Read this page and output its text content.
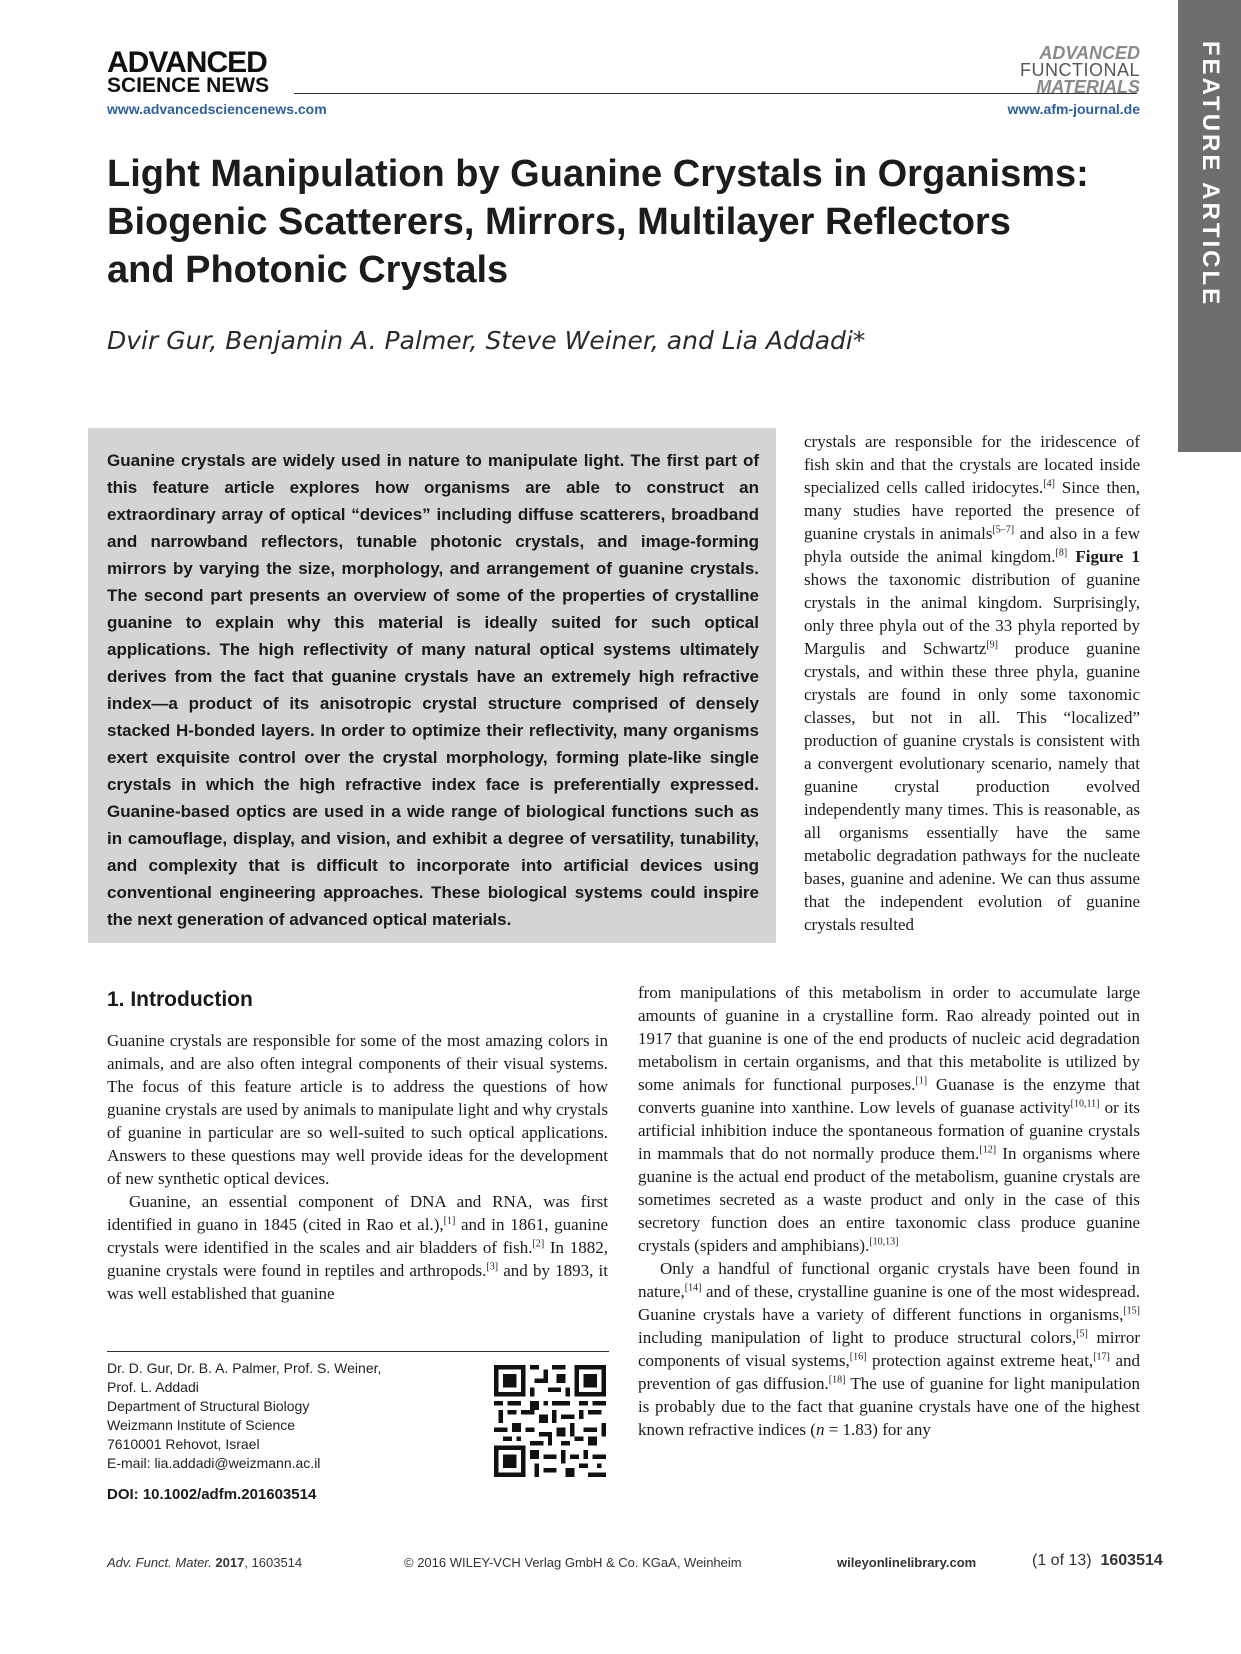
ADVANCED
SCIENCE NEWS
www.advancedsciencenews.com
ADVANCED
FUNCTIONAL
MATERIALS
www.afm-journal.de FEATURE ARTICLE
Light Manipulation by Guanine Crystals in Organisms:
Biogenic Scatterers, Mirrors, Multilayer Reflectors
and Photonic Crystals
Dvir Gur, Benjamin A. Palmer, Steve Weiner, and Lia Addadi*
Guanine crystals are widely used in nature to manipulate light. The first part of this feature article explores how organisms are able to construct an extraordinary array of optical “devices” including diffuse scatterers, broadband and narrowband reflectors, tunable photonic crystals, and image-forming mirrors by varying the size, morphology, and arrangement of guanine crystals. The second part presents an overview of some of the properties of crystalline guanine to explain why this material is ideally suited for such optical applications. The high reflectivity of many natural optical systems ultimately derives from the fact that guanine crystals have an extremely high refractive index—a product of its anisotropic crystal structure comprised of densely stacked H-bonded layers. In order to optimize their reflectivity, many organisms exert exquisite control over the crystal morphology, forming plate-like single crystals in which the high refractive index face is preferentially expressed. Guanine-based optics are used in a wide range of biological functions such as in camouflage, display, and vision, and exhibit a degree of versatility, tunability, and complexity that is difficult to incorporate into artificial devices using conventional engineering approaches. These biological systems could inspire the next generation of advanced optical materials.
crystals are responsible for the iridescence of fish skin and that the crystals are located inside specialized cells called iridocytes.[4] Since then, many studies have reported the presence of guanine crystals in animals[5–7] and also in a few phyla outside the animal kingdom.[8] Figure 1 shows the taxonomic distribution of guanine crystals in the animal kingdom. Surprisingly, only three phyla out of the 33 phyla reported by Margulis and Schwartz[9] produce guanine crystals, and within these three phyla, guanine crystals are found in only some taxonomic classes, but not in all. This “localized” production of guanine crystals is consistent with a convergent evolutionary scenario, namely that guanine crystal production evolved independently many times. This is reasonable, as all organisms essentially have the same metabolic degradation pathways for the nucleate bases, guanine and adenine. We can thus assume that the independent evolution of guanine crystals resulted
1. Introduction
Guanine crystals are responsible for some of the most amazing colors in animals, and are also often integral components of their visual systems. The focus of this feature article is to address the questions of how guanine crystals are used by animals to manipulate light and why crystals of guanine in particular are so well-suited to such optical applications. Answers to these questions may well provide ideas for the development of new synthetic optical devices.
Guanine, an essential component of DNA and RNA, was first identified in guano in 1845 (cited in Rao et al.),[1] and in 1861, guanine crystals were identified in the scales and air bladders of fish.[2] In 1882, guanine crystals were found in reptiles and arthropods.[3] and by 1893, it was well established that guanine
from manipulations of this metabolism in order to accumulate large amounts of guanine in a crystalline form. Rao already pointed out in 1917 that guanine is one of the end products of nucleic acid degradation metabolism in certain organisms, and that this metabolite is utilized by some animals for functional purposes.[1] Guanase is the enzyme that converts guanine into xanthine. Low levels of guanase activity[10,11] or its artificial inhibition induce the spontaneous formation of guanine crystals in mammals that do not normally produce them.[12] In organisms where guanine is the actual end product of the metabolism, guanine crystals are sometimes secreted as a waste product and only in the case of this secretory function does an entire taxonomic class produce guanine crystals (spiders and amphibians).[10,13]
Only a handful of functional organic crystals have been found in nature,[14] and of these, crystalline guanine is one of the most widespread. Guanine crystals have a variety of different functions in organisms,[15] including manipulation of light to produce structural colors,[5] mirror components of visual systems,[16] protection against extreme heat,[17] and prevention of gas diffusion.[18] The use of guanine for light manipulation is probably due to the fact that guanine crystals have one of the highest known refractive indices (n = 1.83) for any
Dr. D. Gur, Dr. B. A. Palmer, Prof. S. Weiner,
Prof. L. Addadi
Department of Structural Biology
Weizmann Institute of Science
7610001 Rehovot, Israel
E-mail: lia.addadi@weizmann.ac.il
DOI: 10.1002/adfm.201603514
Adv. Funct. Mater. 2017, 1603514	© 2016 WILEY-VCH Verlag GmbH & Co. KGaA, Weinheim	wileyonlinelibrary.com	(1 of 13) 1603514
